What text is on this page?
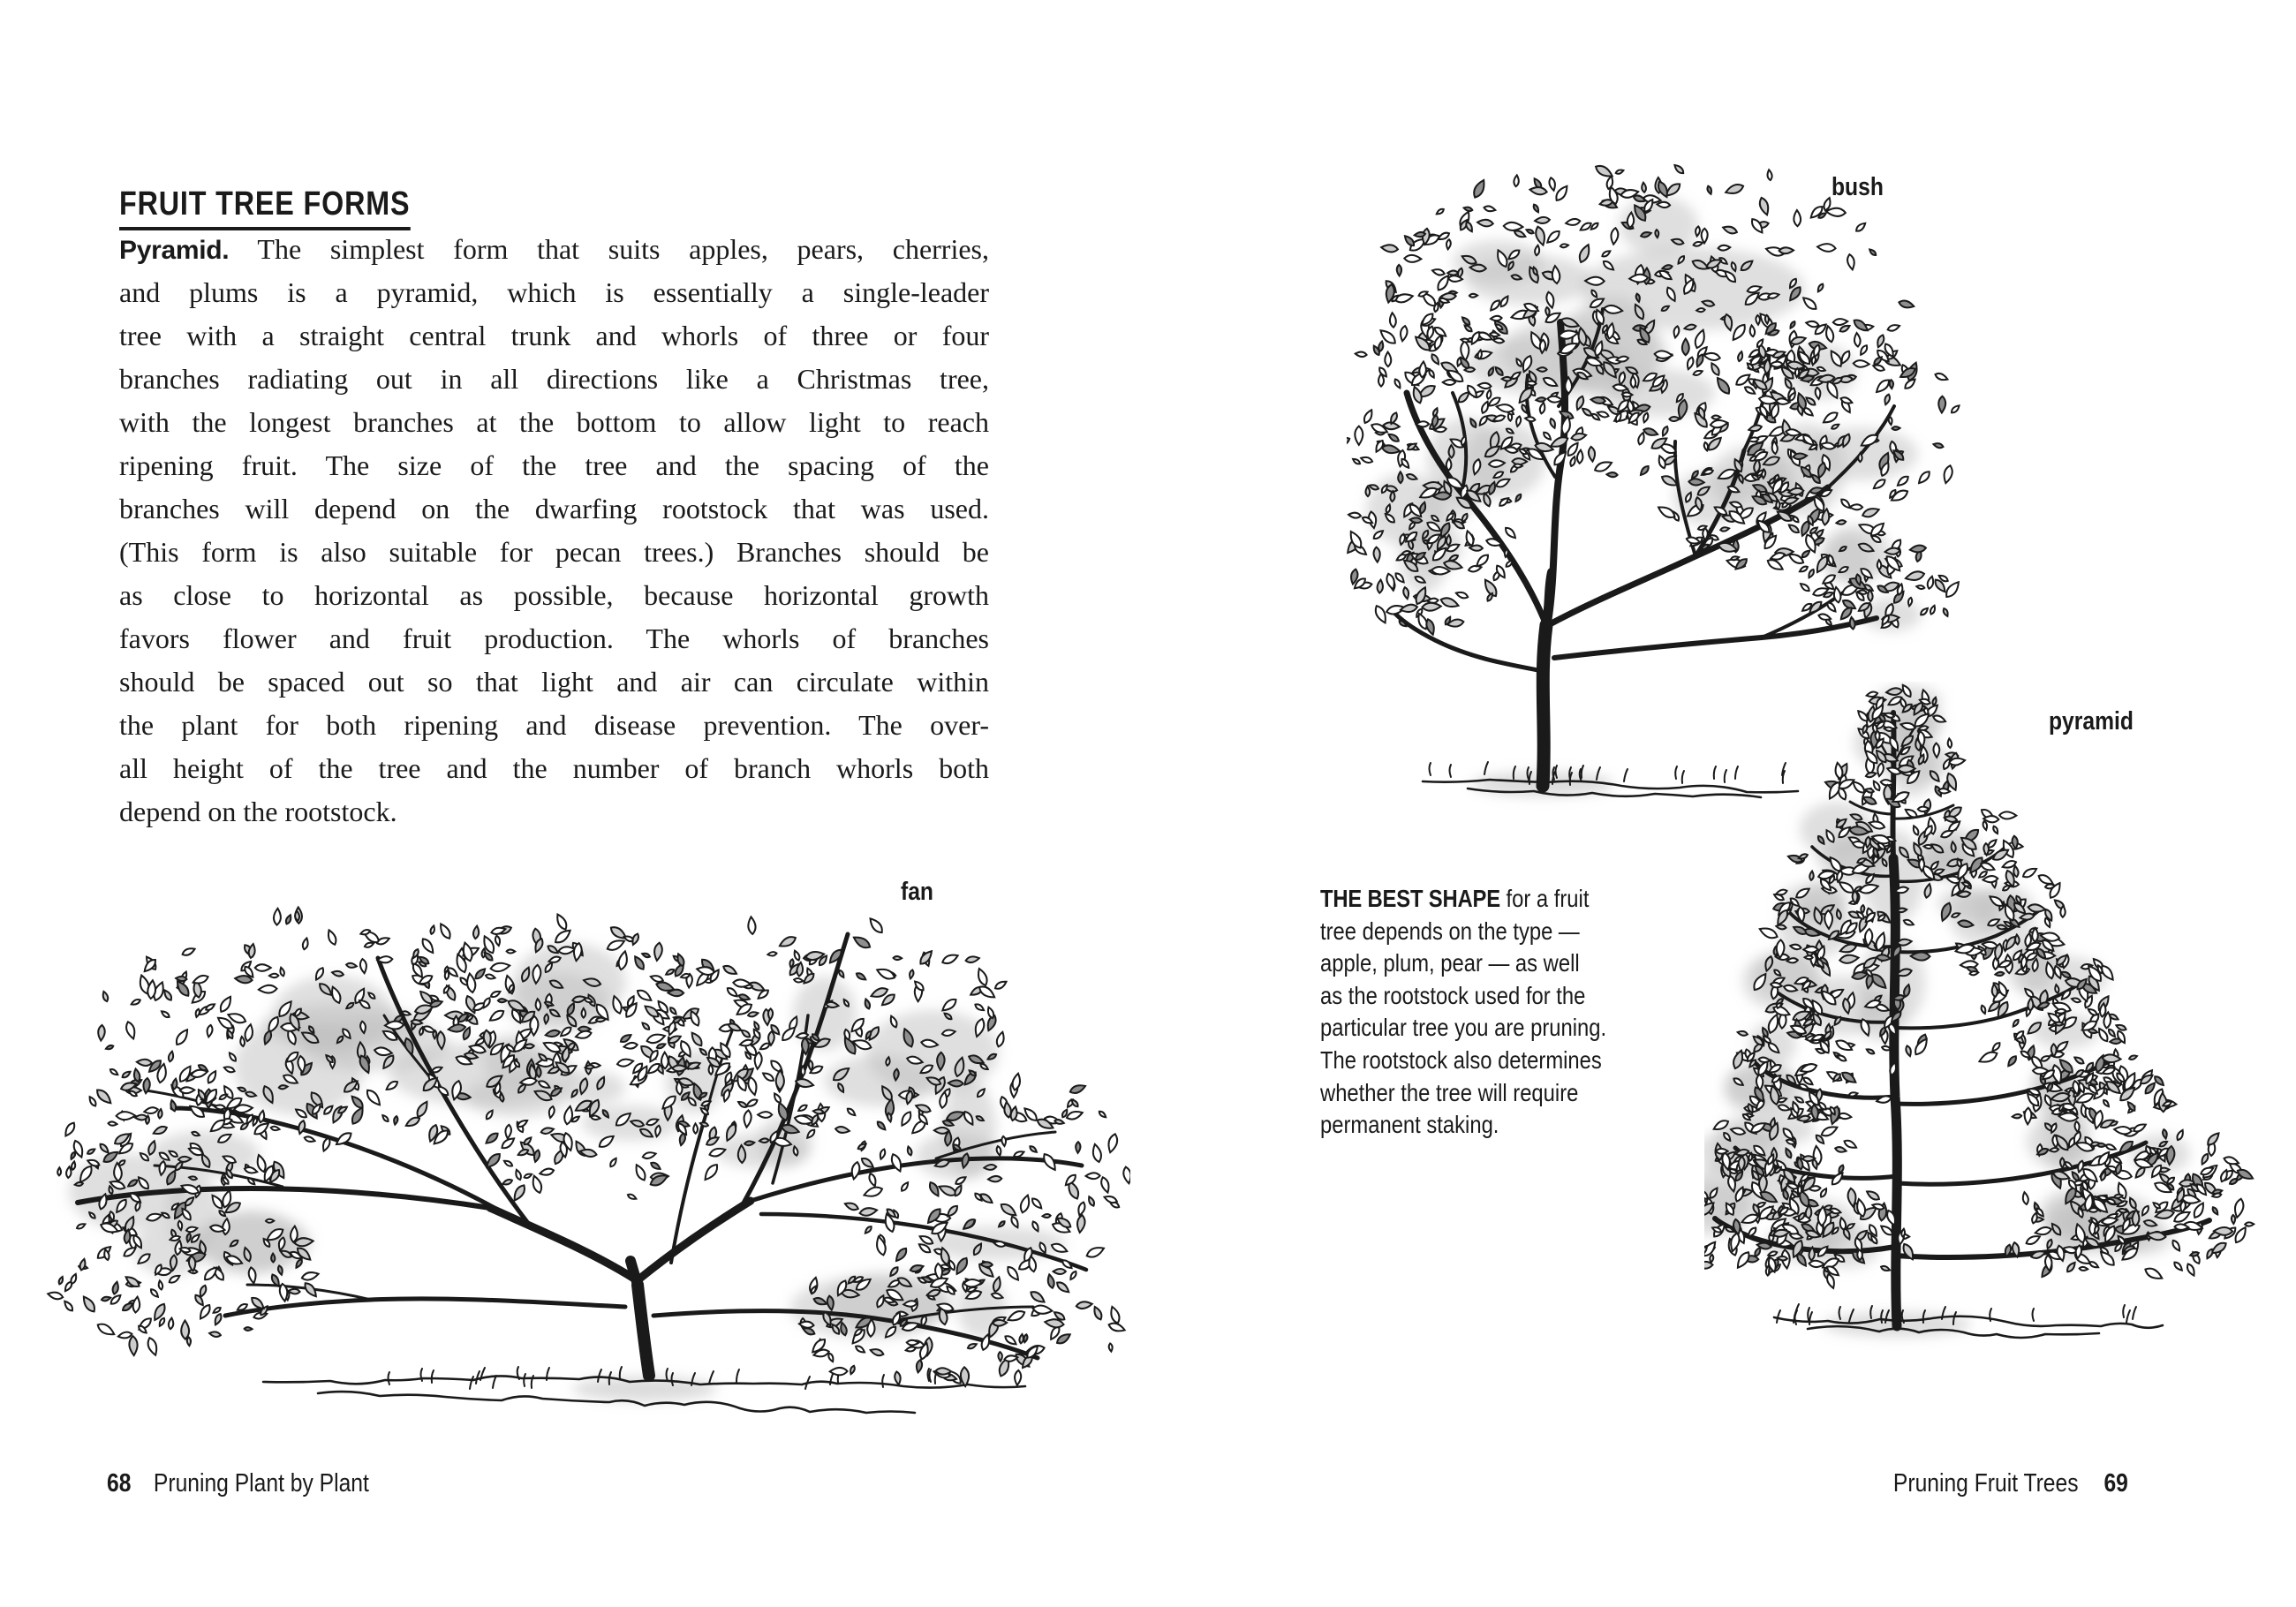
FRUIT TREE FORMS
Pyramid. The simplest form that suits apples, pears, cherries,
and plums is a pyramid, which is essentially a single-leader
tree with a straight central trunk and whorls of three or four
branches radiating out in all directions like a Christmas tree,
with the longest branches at the bottom to allow light to reach
ripening fruit. The size of the tree and the spacing of the
branches will depend on the dwarfing rootstock that was used.
(This form is also suitable for pecan trees.) Branches should be
as close to horizontal as possible, because horizontal growth
favors flower and fruit production. The whorls of branches
should be spaced out so that light and air can circulate within
the plant for both ripening and disease prevention. The over-
all height of the tree and the number of branch whorls both
depend on the rootstock.
fan
68 Pruning Plant by Plant
bush
pyramid
THE BEST SHAPE for a fruit
tree depends on the type —
apple, plum, pear — as well
as the rootstock used for the
particular tree you are pruning.
The rootstock also determines
whether the tree will require
permanent staking.
Pruning Fruit Trees 69
